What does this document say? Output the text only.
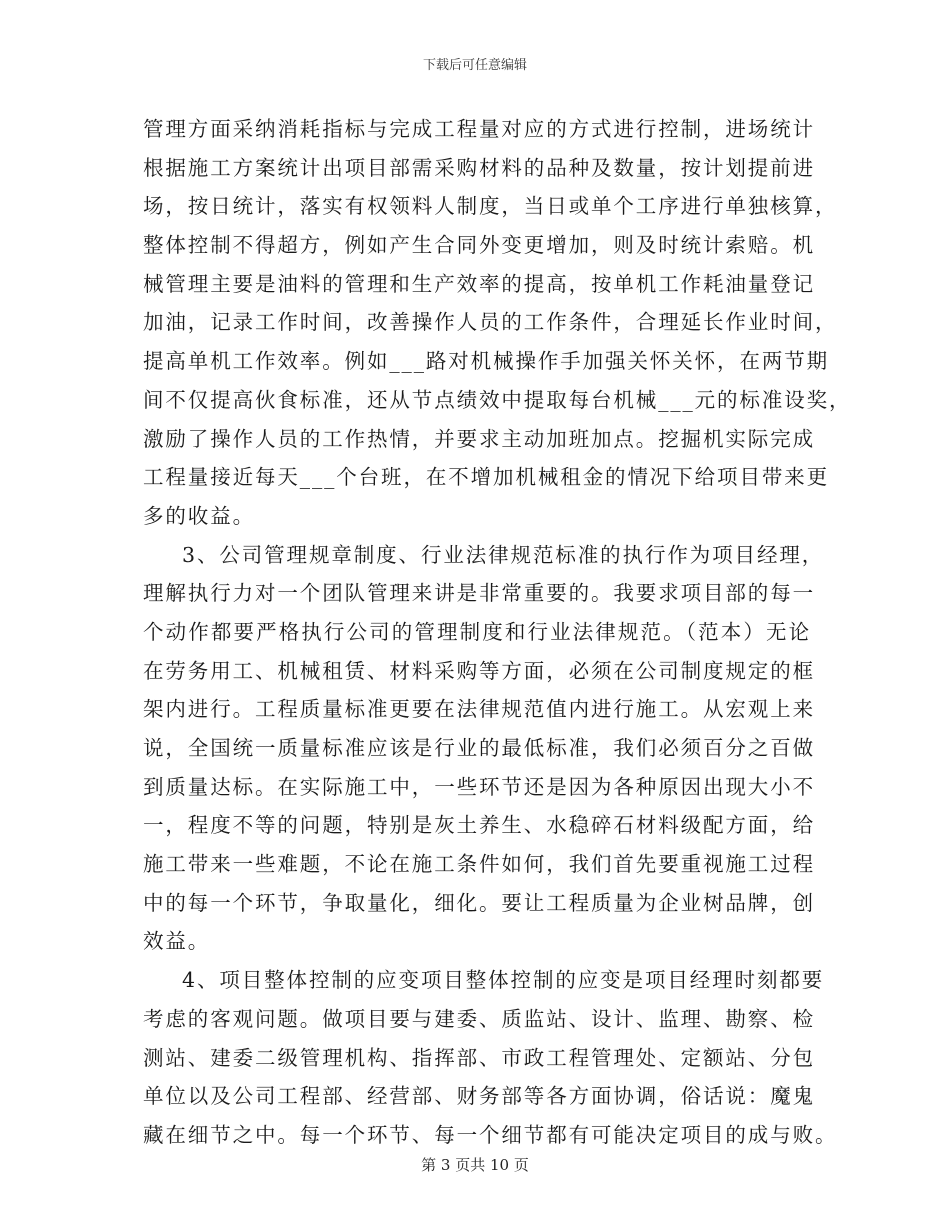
下载后可任意编辑
管理方面采纳消耗指标与完成工程量对应的方式进行控制，进场统计
根据施工方案统计出项目部需采购材料的品种及数量，按计划提前进
场，按日统计，落实有权领料人制度，当日或单个工序进行单独核算，
整体控制不得超方，例如产生合同外变更增加，则及时统计索赔。机
械管理主要是油料的管理和生产效率的提高，按单机工作耗油量登记
加油，记录工作时间，改善操作人员的工作条件，合理延长作业时间，
提高单机工作效率。例如___路对机械操作手加强关怀关怀，在两节期
间不仅提高伙食标准，还从节点绩效中提取每台机械___元的标准设奖，
激励了操作人员的工作热情，并要求主动加班加点。挖掘机实际完成
工程量接近每天___个台班，在不增加机械租金的情况下给项目带来更
多的收益。
3、公司管理规章制度、行业法律规范标准的执行作为项目经理，
理解执行力对一个团队管理来讲是非常重要的。我要求项目部的每一
个动作都要严格执行公司的管理制度和行业法律规范。（范本）无论
在劳务用工、机械租赁、材料采购等方面，必须在公司制度规定的框
架内进行。工程质量标准更要在法律规范值内进行施工。从宏观上来
说，全国统一质量标准应该是行业的最低标准，我们必须百分之百做
到质量达标。在实际施工中，一些环节还是因为各种原因出现大小不
一，程度不等的问题，特别是灰土养生、水稳碎石材料级配方面，给
施工带来一些难题，不论在施工条件如何，我们首先要重视施工过程
中的每一个环节，争取量化，细化。要让工程质量为企业树品牌，创
效益。
4、项目整体控制的应变项目整体控制的应变是项目经理时刻都要
考虑的客观问题。做项目要与建委、质监站、设计、监理、勘察、检
测站、建委二级管理机构、指挥部、市政工程管理处、定额站、分包
单位以及公司工程部、经营部、财务部等各方面协调，俗话说：魔鬼
藏在细节之中。每一个环节、每一个细节都有可能决定项目的成与败。
第 3 页共 10 页
